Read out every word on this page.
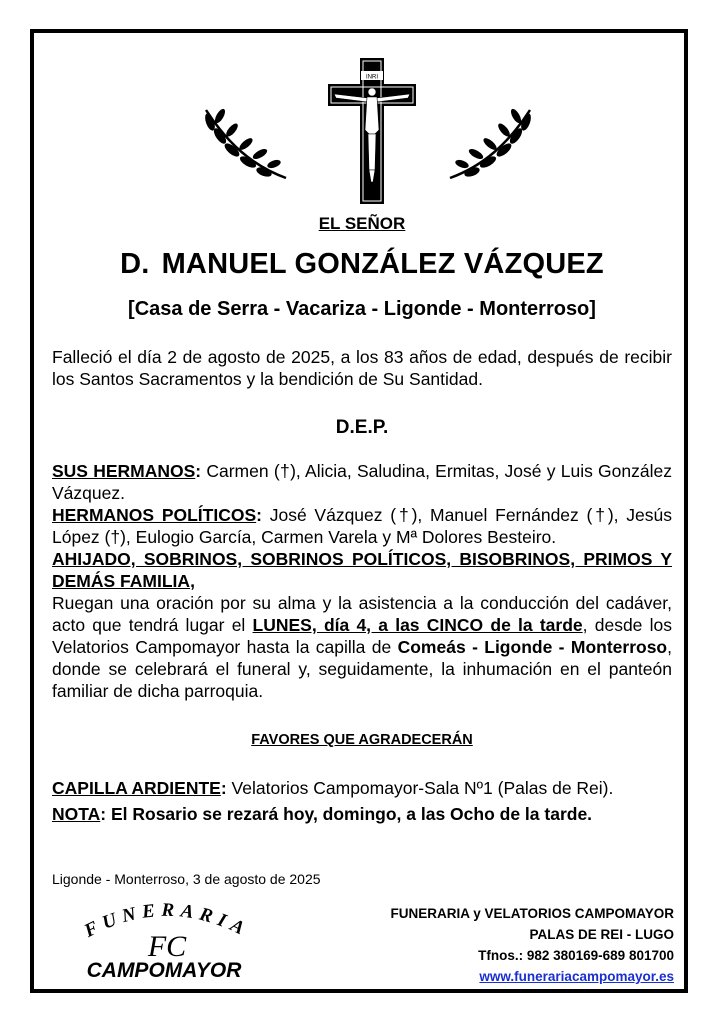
INRI
EL SEÑOR
D. MANUEL GONZÁLEZ VÁZQUEZ
[Casa de Serra - Vacariza - Ligonde - Monterroso]
Falleció el día 2 de agosto de 2025, a los 83 años de edad, después de recibir los Santos Sacramentos y la bendición de Su Santidad.
D.E.P.
SUS HERMANOS: Carmen (†), Alicia, Saludina, Ermitas, José y Luis González Vázquez.
HERMANOS POLÍTICOS: José Vázquez (†), Manuel Fernández (†), Jesús López (†), Eulogio García, Carmen Varela y Mª Dolores Besteiro.
AHIJADO, SOBRINOS, SOBRINOS POLÍTICOS, BISOBRINOS, PRIMOS Y DEMÁS FAMILIA,
Ruegan una oración por su alma y la asistencia a la conducción del cadáver, acto que tendrá lugar el LUNES, día 4, a las CINCO de la tarde, desde los Velatorios Campomayor hasta la capilla de Comeás - Ligonde - Monterroso, donde se celebrará el funeral y, seguidamente, la inhumación en el panteón familiar de dicha parroquia.
FAVORES QUE AGRADECERÁN
CAPILLA ARDIENTE: Velatorios Campomayor-Sala Nº1 (Palas de Rei).
NOTA: El Rosario se rezará hoy, domingo, a las Ocho de la tarde.
Ligonde - Monterroso, 3 de agosto de 2025
FUNERARIA
FC
CAMPOMAYOR
FUNERARIA y VELATORIOS CAMPOMAYOR
PALAS DE REI - LUGO
Tfnos.: 982 380169-689 801700
www.funerariacampomayor.es
